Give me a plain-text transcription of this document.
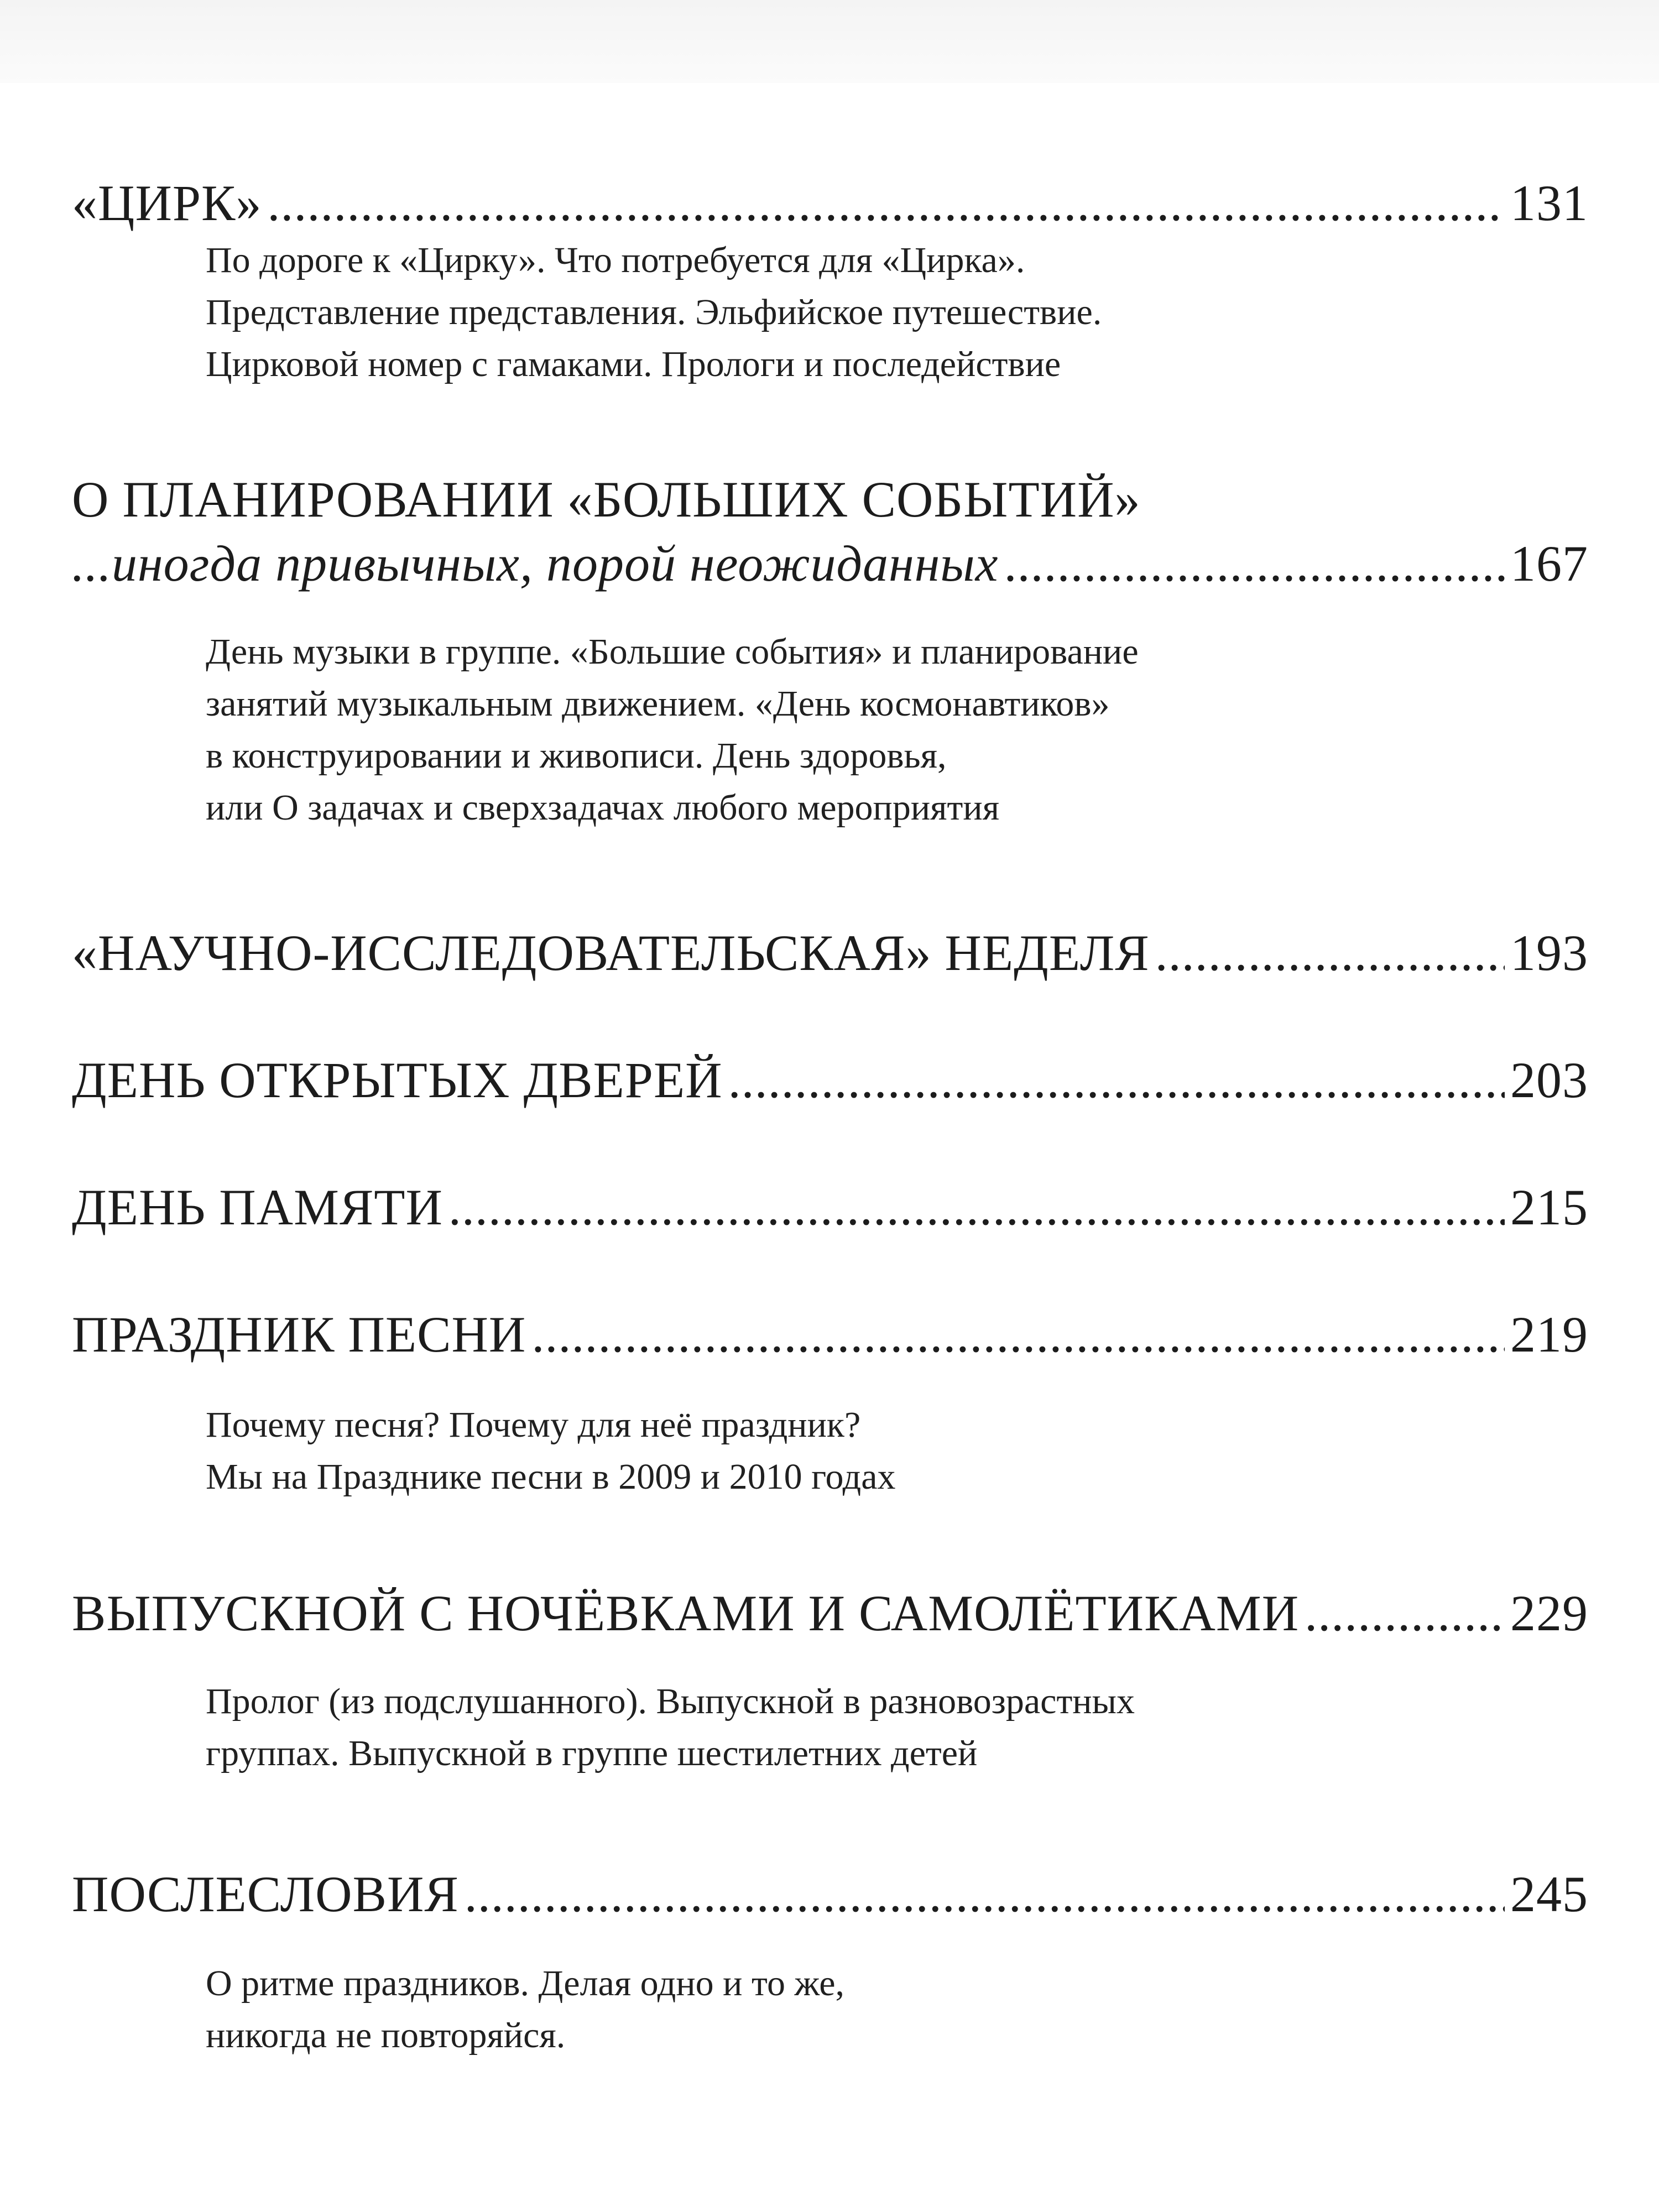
«ЦИРК» .....	131
По дороге к «Цирку». Что потребуется для «Цирка».
Представление представления. Эльфийское путешествие.
Цирковой номер с гамаками. Прологи и последействие
О ПЛАНИРОВАНИИ «БОЛЬШИХ СОБЫТИЙ»
...иногда привычных, порой неожиданных .....	167
День музыки в группе. «Большие события» и планирование
занятий музыкальным движением. «День космонавтиков»
в конструировании и живописи. День здоровья,
или О задачах и сверхзадачах любого мероприятия
«НАУЧНО-ИССЛЕДОВАТЕЛЬСКАЯ» НЕДЕЛЯ .....	193
ДЕНЬ ОТКРЫТЫХ ДВЕРЕЙ .....	203
ДЕНЬ ПАМЯТИ .....	215
ПРАЗДНИК ПЕСНИ .....	219
Почему песня? Почему для неё праздник?
Мы на Празднике песни в 2009 и 2010 годах
ВЫПУСКНОЙ С НОЧЁВКАМИ И САМОЛЁТИКАМИ .....	229
Пролог (из подслушанного). Выпускной в разновозрастных
группах. Выпускной в группе шестилетних детей
ПОСЛЕСЛОВИЯ .....	245
О ритме праздников. Делая одно и то же,
никогда не повторяйся.
